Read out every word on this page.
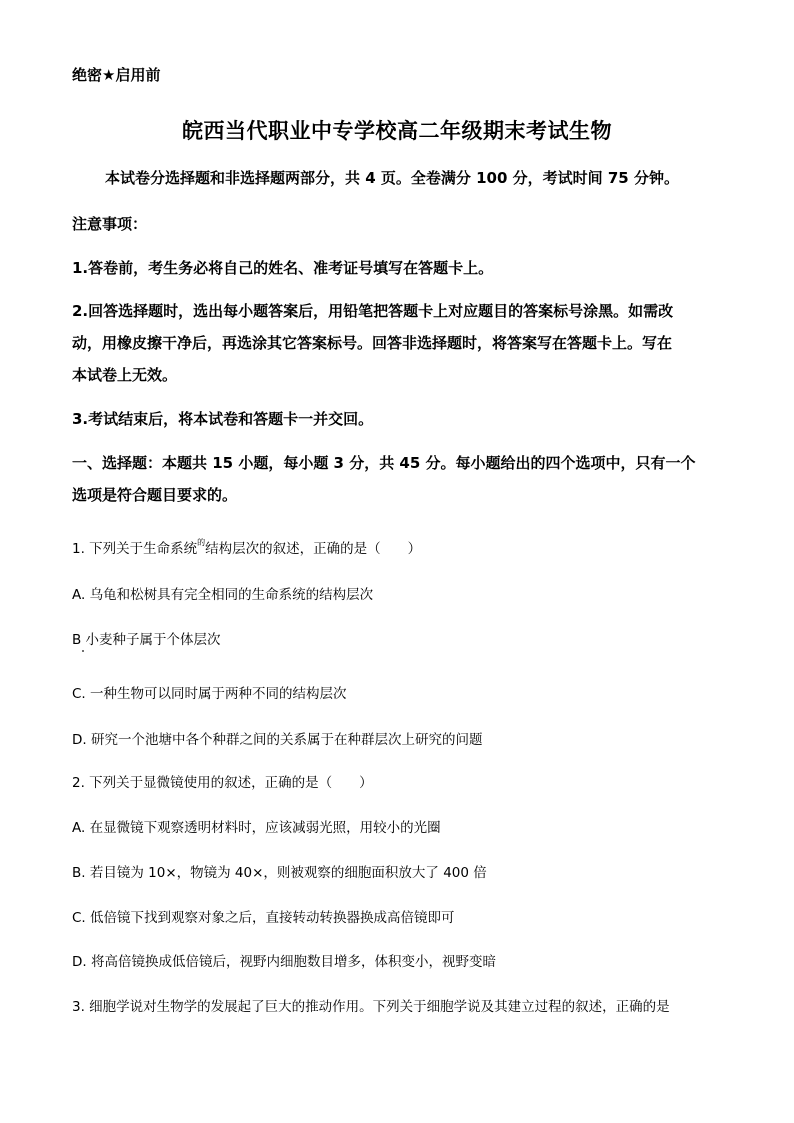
绝密★启用前
皖西当代职业中专学校高二年级期末考试生物
本试卷分选择题和非选择题两部分，共 4 页。全卷满分 100 分，考试时间 75 分钟。
注意事项：
1.答卷前，考生务必将自己的姓名、准考证号填写在答题卡上。
2.回答选择题时，选出每小题答案后，用铅笔把答题卡上对应题目的答案标号涂黑。如需改
动，用橡皮擦干净后，再选涂其它答案标号。回答非选择题时，将答案写在答题卡上。写在
本试卷上无效。
3.考试结束后，将本试卷和答题卡一并交回。
一、选择题：本题共 15 小题，每小题 3 分，共 45 分。每小题给出的四个选项中，只有一个
选项是符合题目要求的。
1. 下列关于生命系统$^的$结构层次的叙述，正确的是（　　）
A. 乌龟和松树具有完全相同的生命系统的结构层次
B 小麦种子属于个体层次
C. 一种生物可以同时属于两种不同的结构层次
D. 研究一个池塘中各个种群之间的关系属于在种群层次上研究的问题
2. 下列关于显微镜使用的叙述，正确的是（　　）
A. 在显微镜下观察透明材料时，应该减弱光照，用较小的光圈
B. 若目镜为 10×，物镜为 40×，则被观察的细胞面积放大了 400 倍
C. 低倍镜下找到观察对象之后，直接转动转换器换成高倍镜即可
D. 将高倍镜换成低倍镜后，视野内细胞数目增多，体积变小，视野变暗
3. 细胞学说对生物学的发展起了巨大的推动作用。下列关于细胞学说及其建立过程的叙述，正确的是
